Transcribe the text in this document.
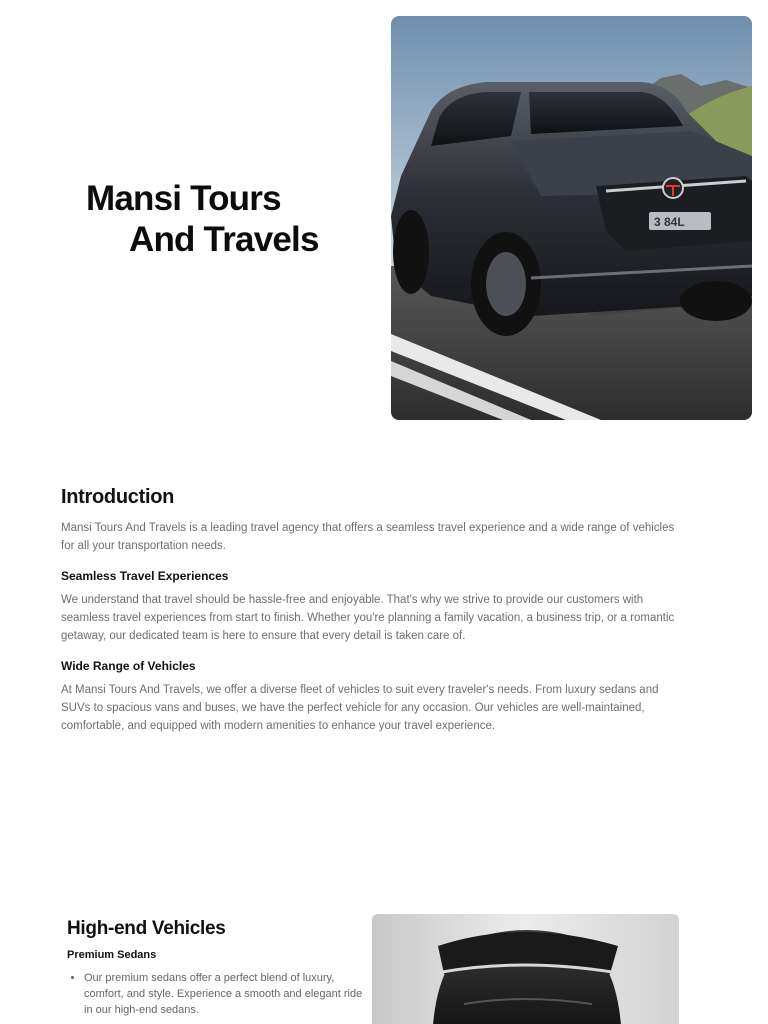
Mansi Tours
And Travels	3 84L
Introduction

Mansi Tours And Travels is a leading travel agency that offers a seamless travel experience and a wide range of vehicles for all your transportation needs.

Seamless Travel Experiences

We understand that travel should be hassle-free and enjoyable. That's why we strive to provide our customers with seamless travel experiences from start to finish. Whether you're planning a family vacation, a business trip, or a romantic getaway, our dedicated team is here to ensure that every detail is taken care of.

Wide Range of Vehicles

At Mansi Tours And Travels, we offer a diverse fleet of vehicles to suit every traveler's needs. From luxury sedans and SUVs to spacious vans and buses, we have the perfect vehicle for any occasion. Our vehicles are well-maintained, comfortable, and equipped with modern amenities to enhance your travel experience.

High-end Vehicles
Premium Sedans
• Our premium sedans offer a perfect blend of luxury, comfort, and style. Experience a smooth and elegant ride in our high-end sedans.
